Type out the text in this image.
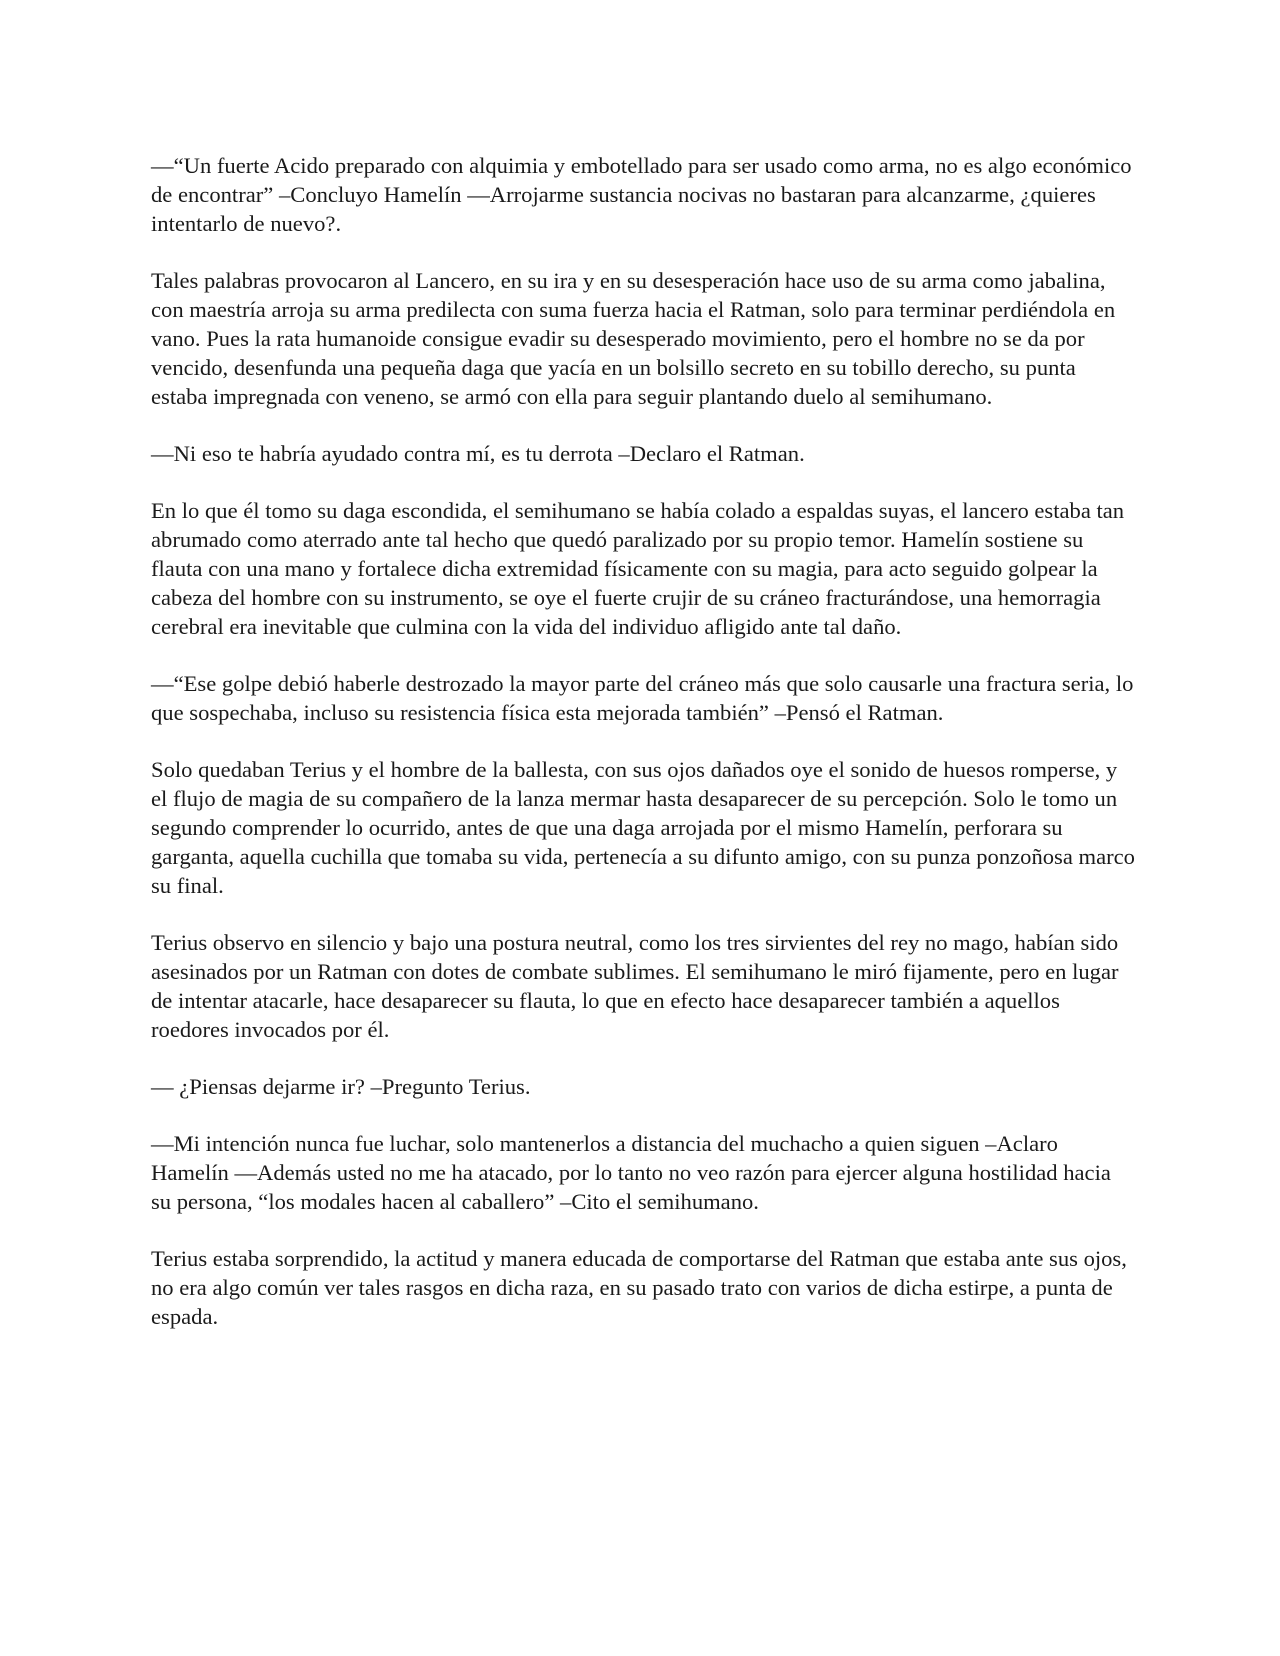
—“Un fuerte Acido preparado con alquimia y embotellado para ser usado como arma, no es algo económico de encontrar” –Concluyo Hamelín —Arrojarme sustancia nocivas no bastaran para alcanzarme, ¿quieres intentarlo de nuevo?.

Tales palabras provocaron al Lancero, en su ira y en su desesperación hace uso de su arma como jabalina, con maestría arroja su arma predilecta con suma fuerza hacia el Ratman, solo para terminar perdiéndola en vano. Pues la rata humanoide consigue evadir su desesperado movimiento, pero el hombre no se da por vencido, desenfunda una pequeña daga que yacía en un bolsillo secreto en su tobillo derecho, su punta estaba impregnada con veneno, se armó con ella para seguir plantando duelo al semihumano.

—Ni eso te habría ayudado contra mí, es tu derrota –Declaro el Ratman.

En lo que él tomo su daga escondida, el semihumano se había colado a espaldas suyas, el lancero estaba tan abrumado como aterrado ante tal hecho que quedó paralizado por su propio temor. Hamelín sostiene su flauta con una mano y fortalece dicha extremidad físicamente con su magia, para acto seguido golpear la cabeza del hombre con su instrumento, se oye el fuerte crujir de su cráneo fracturándose, una hemorragia cerebral era inevitable que culmina con la vida del individuo afligido ante tal daño.

—“Ese golpe debió haberle destrozado la mayor parte del cráneo más que solo causarle una fractura seria, lo que sospechaba, incluso su resistencia física esta mejorada también” –Pensó el Ratman.

Solo quedaban Terius y el hombre de la ballesta, con sus ojos dañados oye el sonido de huesos romperse, y el flujo de magia de su compañero de la lanza mermar hasta desaparecer de su percepción. Solo le tomo un segundo comprender lo ocurrido, antes de que una daga arrojada por el mismo Hamelín, perforara su garganta, aquella cuchilla que tomaba su vida, pertenecía a su difunto amigo, con su punza ponzoñosa marco su final.

Terius observo en silencio y bajo una postura neutral, como los tres sirvientes del rey no mago, habían sido asesinados por un Ratman con dotes de combate sublimes. El semihumano le miró fijamente, pero en lugar de intentar atacarle, hace desaparecer su flauta, lo que en efecto hace desaparecer también a aquellos roedores invocados por él.

— ¿Piensas dejarme ir? –Pregunto Terius.

—Mi intención nunca fue luchar, solo mantenerlos a distancia del muchacho a quien siguen –Aclaro Hamelín —Además usted no me ha atacado, por lo tanto no veo razón para ejercer alguna hostilidad hacia su persona, “los modales hacen al caballero” –Cito el semihumano.

Terius estaba sorprendido, la actitud y manera educada de comportarse del Ratman que estaba ante sus ojos, no era algo común ver tales rasgos en dicha raza, en su pasado trato con varios de dicha estirpe, a punta de espada.
